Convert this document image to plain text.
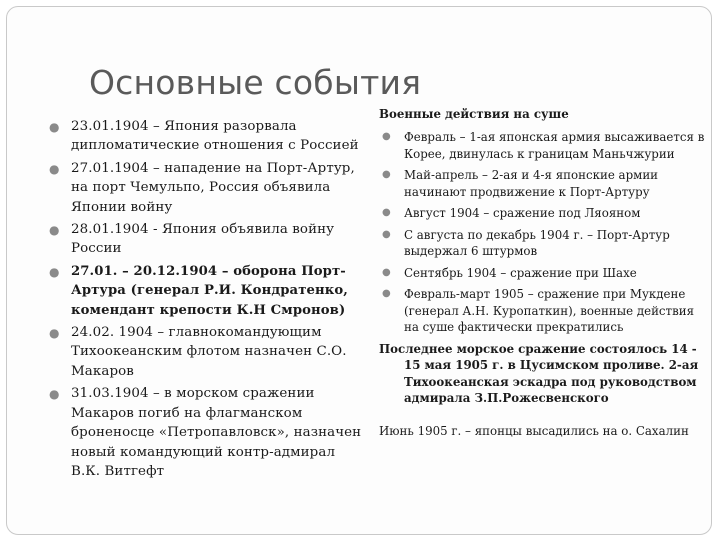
Основные события
● 23.01.1904 – Япония разорвала дипломатические отношения с Россией
● 27.01.1904 – нападение на Порт-Артур, на порт Чемульпо, Россия объявила Японии войну
● 28.01.1904 - Япония объявила войну России
● 27.01. – 20.12.1904 – оборона Порт-Артура (генерал Р.И. Кондратенко, комендант крепости К.Н Смронов)
● 24.02. 1904 – главнокомандующим Тихоокеанским флотом назначен С.О. Макаров
● 31.03.1904 – в морском сражении Макаров погиб на флагманском броненосце «Петропавловск», назначен новый командующий контр-адмирал В.К. Витгефт
Военные действия на суше
● Февраль – 1-ая японская армия высаживается в Корее, двинулась к границам Маньчжурии
● Май-апрель – 2-ая и 4-я японские армии начинают продвижение к Порт-Артуру
● Август 1904 – сражение под Ляояном
● С августа по декабрь 1904 г. – Порт-Артур выдержал 6 штурмов
● Сентябрь 1904 – сражение при Шахе
● Февраль-март 1905 – сражение при Мукдене (генерал А.Н. Куропаткин), военные действия на суше фактически прекратились
Последнее морское сражение состоялось 14 - 15 мая 1905 г. в Цусимском проливе. 2-ая Тихоокеанская эскадра под руководством адмирала З.П.Рожесвенского
Июнь 1905 г. – японцы высадились на о. Сахалин
